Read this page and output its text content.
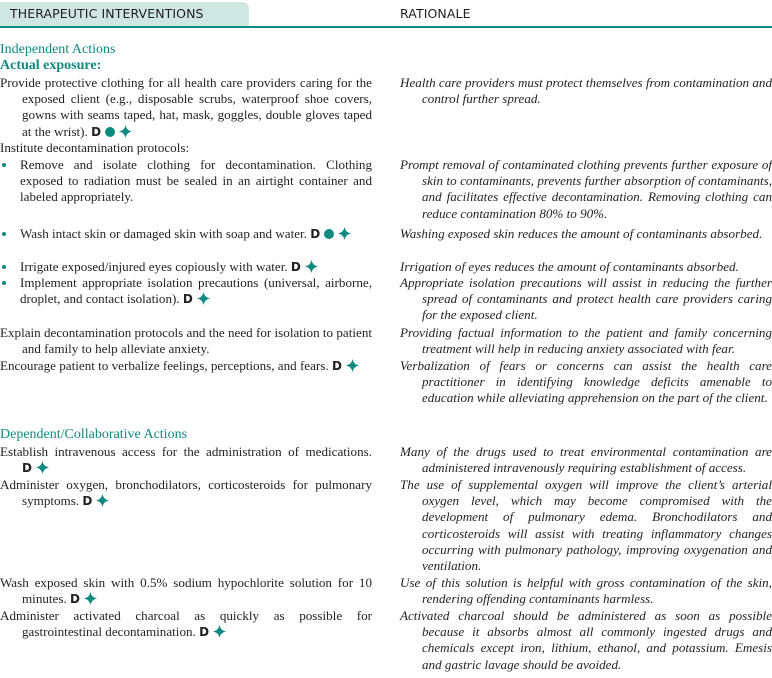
THERAPEUTIC INTERVENTIONS	RATIONALE
Independent Actions
Actual exposure:
Provide protective clothing for all health care providers caring for the exposed client (e.g., disposable scrubs, waterproof shoe covers, gowns with seams taped, hat, mask, goggles, double gloves taped at the wrist). D
Institute decontamination protocols:
Remove and isolate clothing for decontamination. Clothing exposed to radiation must be sealed in an airtight container and labeled appropriately.
Wash intact skin or damaged skin with soap and water. D
Irrigate exposed/injured eyes copiously with water. D
Implement appropriate isolation precautions (universal, airborne, droplet, and contact isolation). D
Explain decontamination protocols and the need for isolation to patient and family to help alleviate anxiety.
Encourage patient to verbalize feelings, perceptions, and fears. D
Dependent/Collaborative Actions
Establish intravenous access for the administration of medications. D
Administer oxygen, bronchodilators, corticosteroids for pulmonary symptoms. D
Wash exposed skin with 0.5% sodium hypochlorite solution for 10 minutes. D
Administer activated charcoal as quickly as possible for gastrointestinal decontamination. D
Health care providers must protect themselves from contamination and control further spread.
Prompt removal of contaminated clothing prevents further exposure of skin to contaminants, prevents further absorption of contaminants, and facilitates effective decontamination. Removing clothing can reduce contamination 80% to 90%.
Washing exposed skin reduces the amount of contaminants absorbed.
Irrigation of eyes reduces the amount of contaminants absorbed.
Appropriate isolation precautions will assist in reducing the further spread of contaminants and protect health care providers caring for the exposed client.
Providing factual information to the patient and family concerning treatment will help in reducing anxiety associated with fear.
Verbalization of fears or concerns can assist the health care practitioner in identifying knowledge deficits amenable to education while alleviating apprehension on the part of the client.
Many of the drugs used to treat environmental contamination are administered intravenously requiring establishment of access.
The use of supplemental oxygen will improve the client’s arterial oxygen level, which may become compromised with the development of pulmonary edema. Bronchodilators and corticosteroids will assist with treating inflammatory changes occurring with pulmonary pathology, improving oxygenation and ventilation.
Use of this solution is helpful with gross contamination of the skin, rendering offending contaminants harmless.
Activated charcoal should be administered as soon as possible because it absorbs almost all commonly ingested drugs and chemicals except iron, lithium, ethanol, and potassium. Emesis and gastric lavage should be avoided.
